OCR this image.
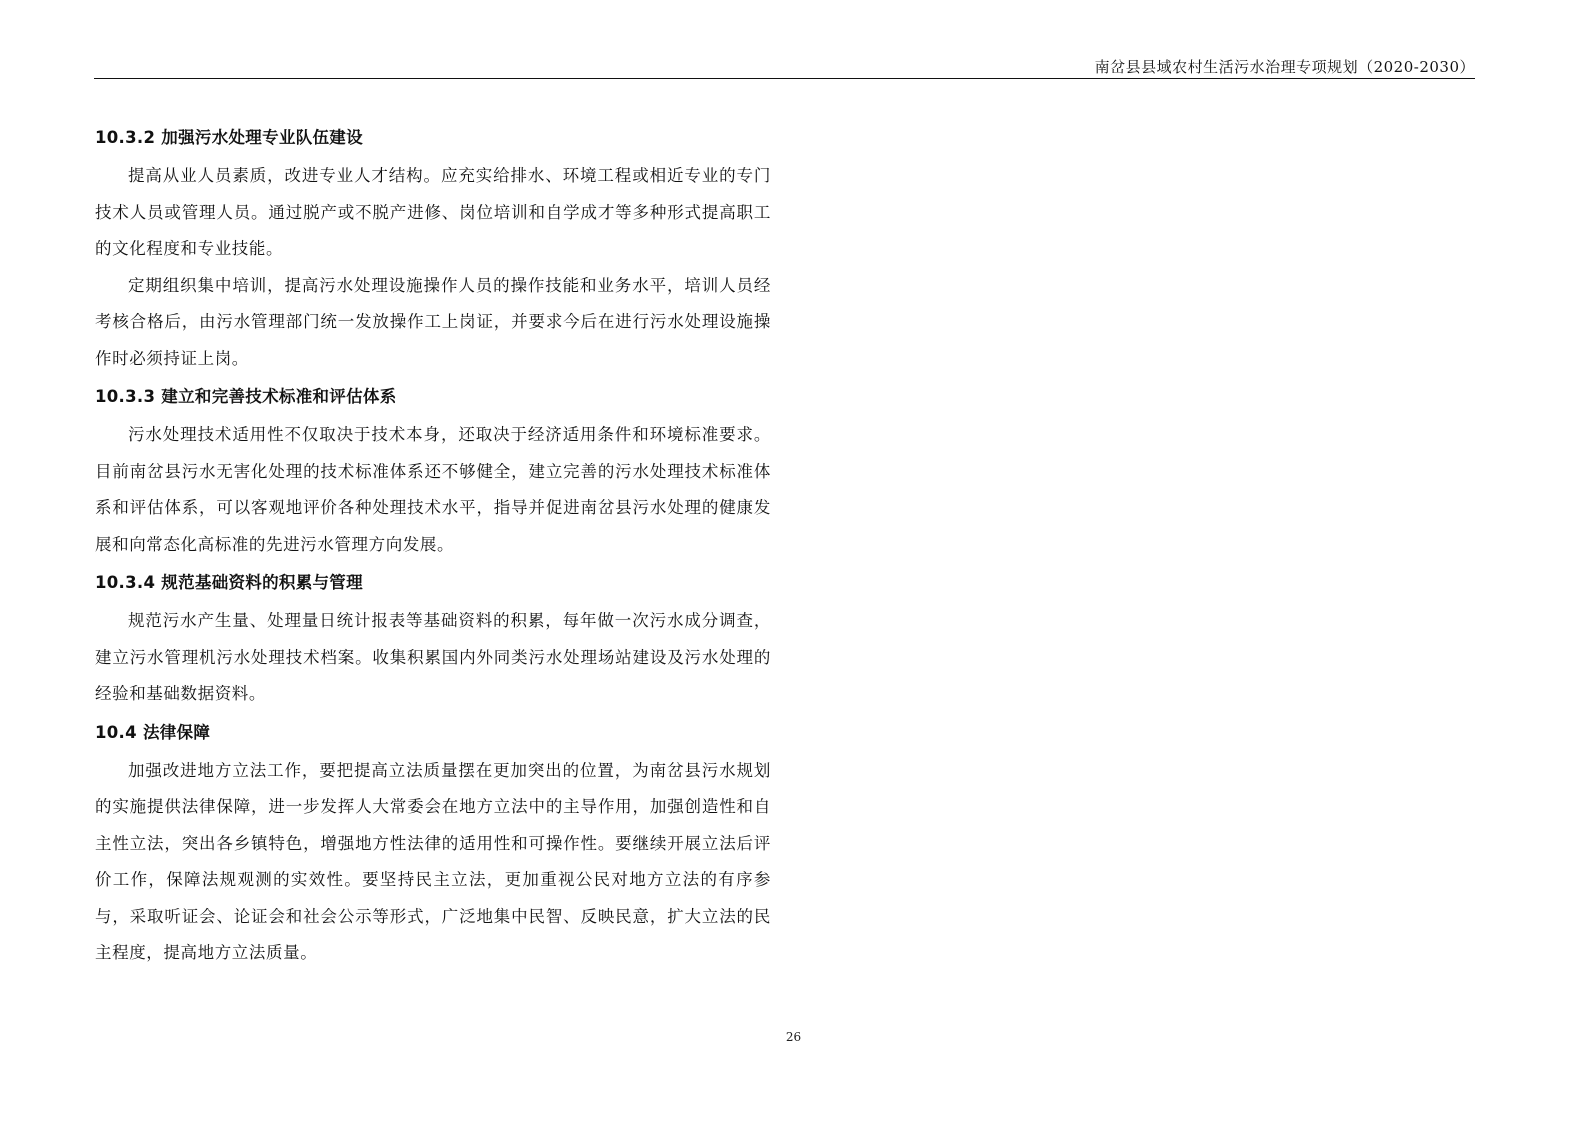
南岔县县域农村生活污水治理专项规划（2020-2030）
10.3.2 加强污水处理专业队伍建设

提高从业人员素质，改进专业人才结构。应充实给排水、环境工程或相近专业的专门技术人员或管理人员。通过脱产或不脱产进修、岗位培训和自学成才等多种形式提高职工的文化程度和专业技能。

定期组织集中培训，提高污水处理设施操作人员的操作技能和业务水平，培训人员经考核合格后，由污水管理部门统一发放操作工上岗证，并要求今后在进行污水处理设施操作时必须持证上岗。

10.3.3 建立和完善技术标准和评估体系

污水处理技术适用性不仅取决于技术本身，还取决于经济适用条件和环境标准要求。目前南岔县污水无害化处理的技术标准体系还不够健全，建立完善的污水处理技术标准体系和评估体系，可以客观地评价各种处理技术水平，指导并促进南岔县污水处理的健康发展和向常态化高标准的先进污水管理方向发展。

10.3.4 规范基础资料的积累与管理

规范污水产生量、处理量日统计报表等基础资料的积累，每年做一次污水成分调查，建立污水管理机污水处理技术档案。收集积累国内外同类污水处理场站建设及污水处理的经验和基础数据资料。

10.4 法律保障

加强改进地方立法工作，要把提高立法质量摆在更加突出的位置，为南岔县污水规划的实施提供法律保障，进一步发挥人大常委会在地方立法中的主导作用，加强创造性和自主性立法，突出各乡镇特色，增强地方性法律的适用性和可操作性。要继续开展立法后评价工作，保障法规观测的实效性。要坚持民主立法，更加重视公民对地方立法的有序参与，采取听证会、论证会和社会公示等形式，广泛地集中民智、反映民意，扩大立法的民主程度，提高地方立法质量。

26
